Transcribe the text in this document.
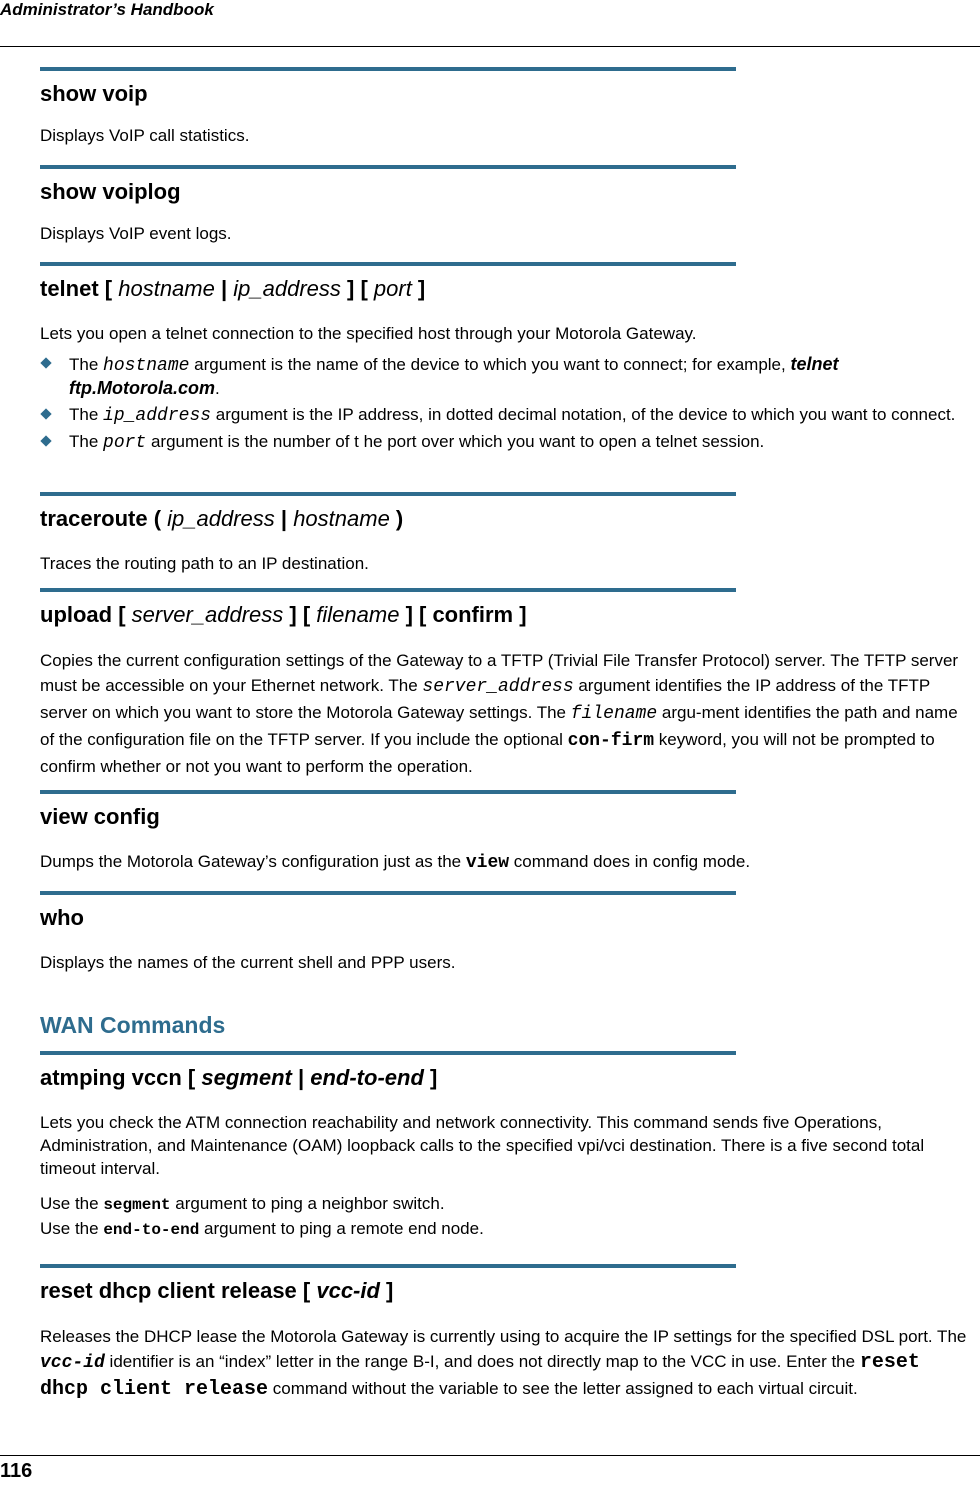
Administrator’s Handbook
show voip

Displays VoIP call statistics.

show voiplog

Displays VoIP event logs.

telnet [ hostname | ip_address ] [ port ]

Lets you open a telnet connection to the specified host through your Motorola Gateway.

The hostname argument is the name of the device to which you want to connect; for example, telnet ftp.Motorola.com.
The ip_address argument is the IP address, in dotted decimal notation, of the device to which you want to connect.
The port argument is the number of t he port over which you want to open a telnet session.
traceroute ( ip_address | hostname )

Traces the routing path to an IP destination.

upload [ server_address ] [ filename ] [ confirm ]

Copies the current configuration settings of the Gateway to a TFTP (Trivial File Transfer Protocol) server. The TFTP server must be accessible on your Ethernet network. The server_address argument identifies the IP address of the TFTP server on which you want to store the Motorola Gateway settings. The filename argu-ment identifies the path and name of the configuration file on the TFTP server. If you include the optional con-firm keyword, you will not be prompted to confirm whether or not you want to perform the operation.

view config

Dumps the Motorola Gateway’s configuration just as the view command does in config mode.

who

Displays the names of the current shell and PPP users.

WAN Commands
atmping vccn [ segment | end-to-end ]

Lets you check the ATM connection reachability and network connectivity. This command sends five Operations, Administration, and Maintenance (OAM) loopback calls to the specified vpi/vci destination. There is a five second total timeout interval.

Use the segment argument to ping a neighbor switch.

Use the end-to-end argument to ping a remote end node.

reset dhcp client release [ vcc-id ]

Releases the DHCP lease the Motorola Gateway is currently using to acquire the IP settings for the specified DSL port. The vcc-id identifier is an “index” letter in the range B-I, and does not directly map to the VCC in use. Enter the reset dhcp client release command without the variable to see the letter assigned to each virtual circuit.

116
